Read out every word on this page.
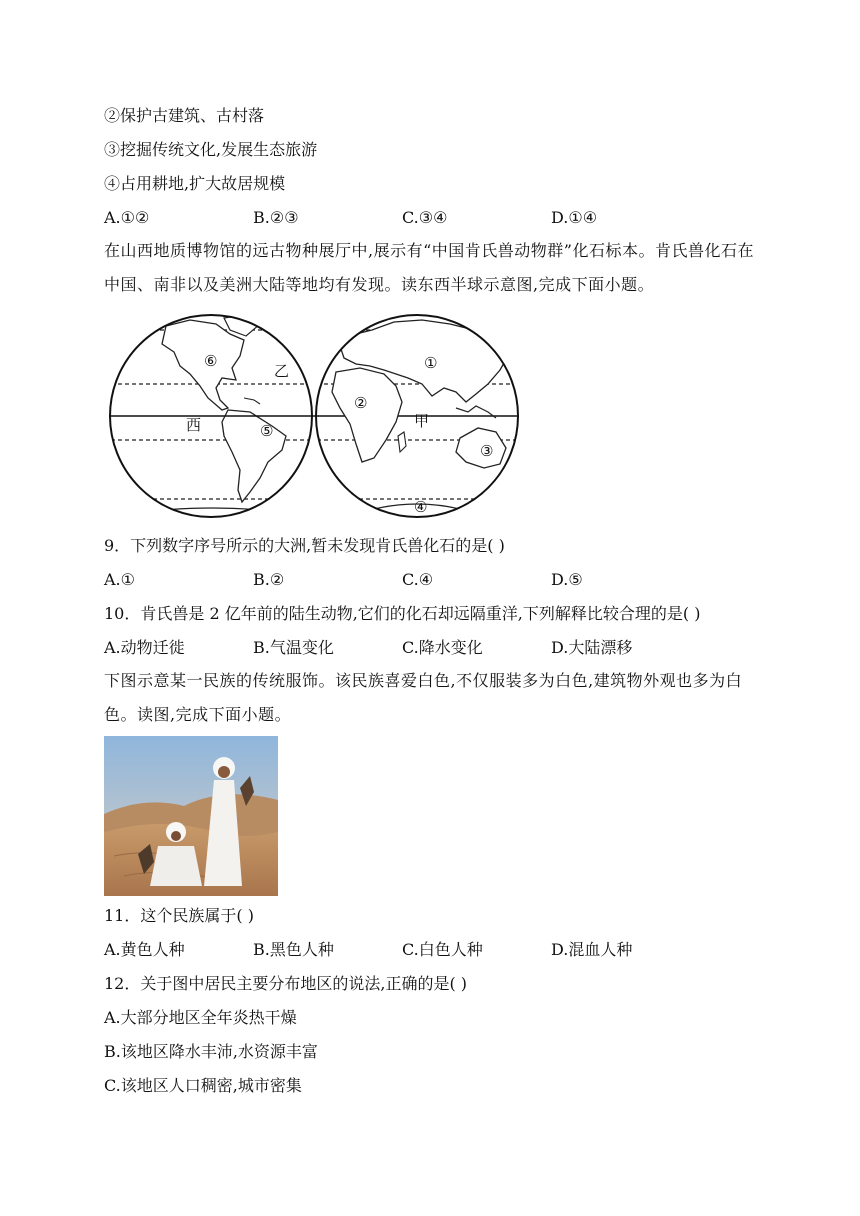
②保护古建筑、古村落
③挖掘传统文化,发展生态旅游
④占用耕地,扩大故居规模
A.①②	B.②③	C.③④	D.①④
在山西地质博物馆的远古物种展厅中,展示有“中国肯氏兽动物群”化石标本。肯氏兽化石在中国、南非以及美洲大陆等地均有发现。读东西半球示意图,完成下面小题。
⑥
乙
西	⑤
①
②
甲
③
④
9．下列数字序号所示的大洲,暂未发现肯氏兽化石的是( )
A.①	B.②	C.④	D.⑤
10．肯氏兽是 2 亿年前的陆生动物,它们的化石却远隔重洋,下列解释比较合理的是( )
A.动物迁徙	B.气温变化	C.降水变化	D.大陆漂移
下图示意某一民族的传统服饰。该民族喜爱白色,不仅服装多为白色,建筑物外观也多为白色。读图,完成下面小题。
11．这个民族属于( )
A.黄色人种	B.黑色人种	C.白色人种	D.混血人种
12．关于图中居民主要分布地区的说法,正确的是( )
A.大部分地区全年炎热干燥
B.该地区降水丰沛,水资源丰富
C.该地区人口稠密,城市密集
